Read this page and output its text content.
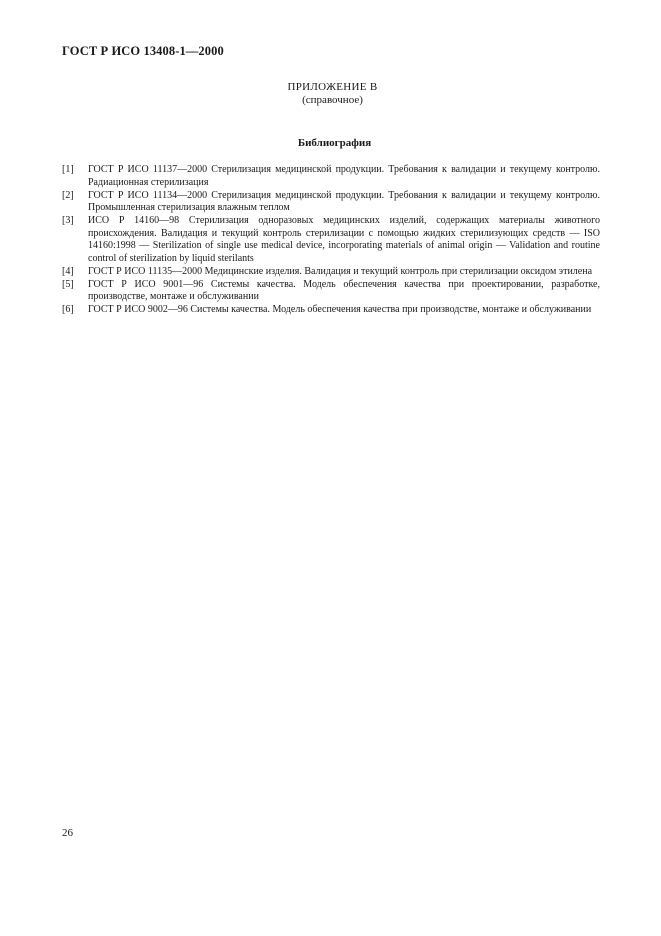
ГОСТ Р ИСО 13408-1—2000
ПРИЛОЖЕНИЕ В
(справочное)
Библиография
[1]	ГОСТ Р ИСО 11137—2000 Стерилизация медицинской продукции. Требования к валидации и текущему контролю. Радиационная стерилизация
[2]	ГОСТ Р ИСО 11134—2000 Стерилизация медицинской продукции. Требования к валидации и текущему контролю. Промышленная стерилизация влажным теплом
[3]	ИСО Р 14160—98 Стерилизация одноразовых медицинских изделий, содержащих материалы животного происхождения. Валидация и текущий контроль стерилизации с помощью жидких стерилизующих средств — ISO 14160:1998 — Sterilization of single use medical device, incorporating materials of animal origin — Validation and routine control of sterilization by liquid sterilants
[4]	ГОСТ Р ИСО 11135—2000 Медицинские изделия. Валидация и текущий контроль при стерилизации оксидом этилена
[5]	ГОСТ Р ИСО 9001—96 Системы качества. Модель обеспечения качества при проектировании, разработке, производстве, монтаже и обслуживании
[6]	ГОСТ Р ИСО 9002—96 Системы качества. Модель обеспечения качества при производстве, монтаже и обслуживании
26
